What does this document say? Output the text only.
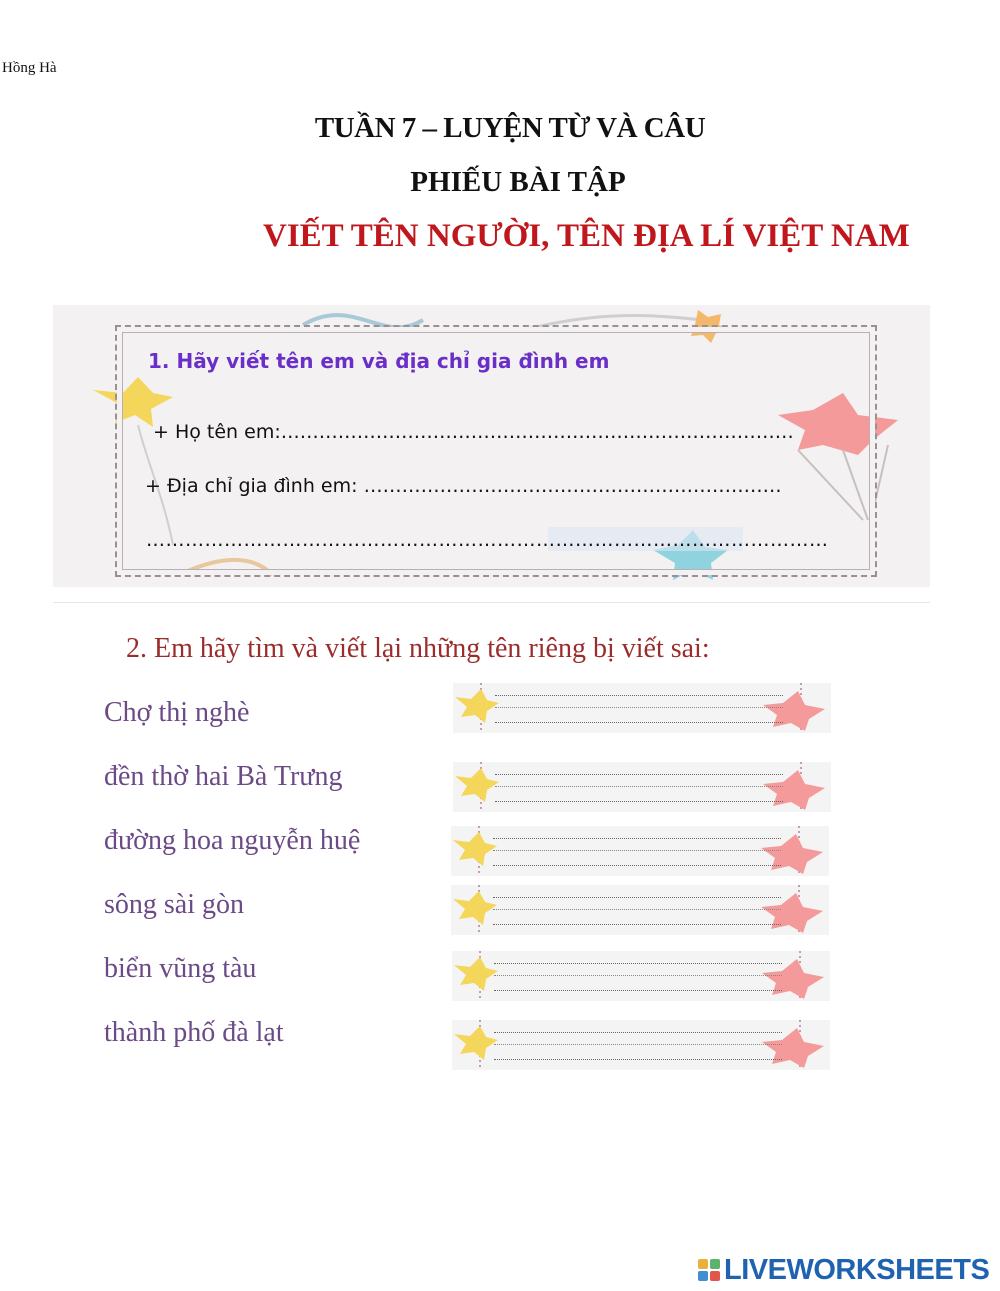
Hồng Hà
TUẦN 7 – LUYỆN TỪ VÀ CÂU
PHIẾU BÀI TẬP
VIẾT TÊN NGƯỜI, TÊN ĐỊA LÍ VIỆT NAM
1. Hãy viết tên em và địa chỉ gia đình em
+ Họ tên em:………………………………………………………………………
+ Địa chỉ gia đình em: …………………………………………………………
……………………………………………………………………………………………
2. Em hãy tìm và viết lại những tên riêng bị viết sai:
Chợ thị nghè
đền thờ hai Bà Trưng
đường hoa nguyễn huệ
sông sài gòn
biển vũng tàu
thành phố đà lạt
LIVEWORKSHEETS
